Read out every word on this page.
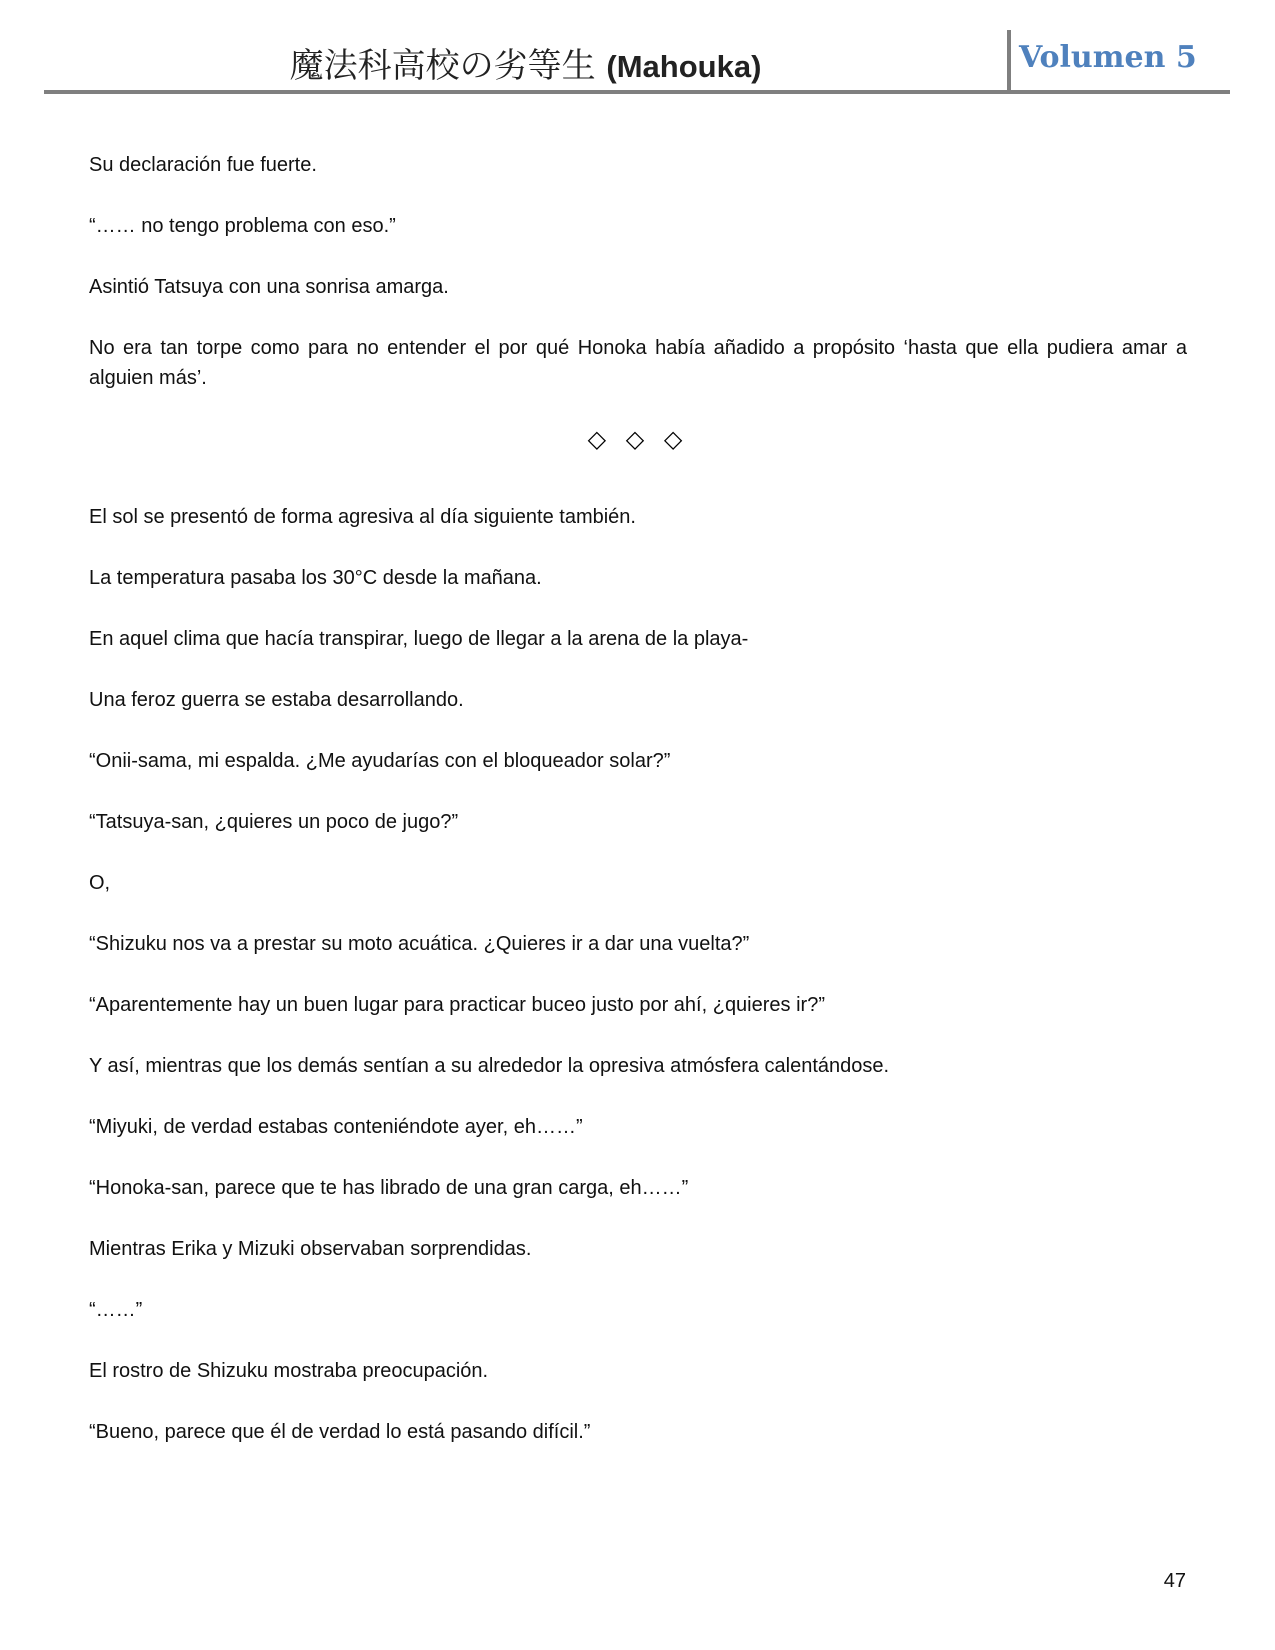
魔法科高校の劣等生 (Mahouka)	Volumen 5

Su declaración fue fuerte.

“…… no tengo problema con eso.”

Asintió Tatsuya con una sonrisa amarga.

No era tan torpe como para no entender el por qué Honoka había añadido a propósito ‘hasta que ella pudiera amar a alguien más’.

◇ ◇ ◇

El sol se presentó de forma agresiva al día siguiente también.

La temperatura pasaba los 30°C desde la mañana.

En aquel clima que hacía transpirar, luego de llegar a la arena de la playa-

Una feroz guerra se estaba desarrollando.

“Onii-sama, mi espalda. ¿Me ayudarías con el bloqueador solar?”

“Tatsuya-san, ¿quieres un poco de jugo?”

O,

“Shizuku nos va a prestar su moto acuática. ¿Quieres ir a dar una vuelta?”

“Aparentemente hay un buen lugar para practicar buceo justo por ahí, ¿quieres ir?”

Y así, mientras que los demás sentían a su alrededor la opresiva atmósfera calentándose.

“Miyuki, de verdad estabas conteniéndote ayer, eh……”

“Honoka-san, parece que te has librado de una gran carga, eh……”

Mientras Erika y Mizuki observaban sorprendidas.

“……”

El rostro de Shizuku mostraba preocupación.

“Bueno, parece que él de verdad lo está pasando difícil.”

47
